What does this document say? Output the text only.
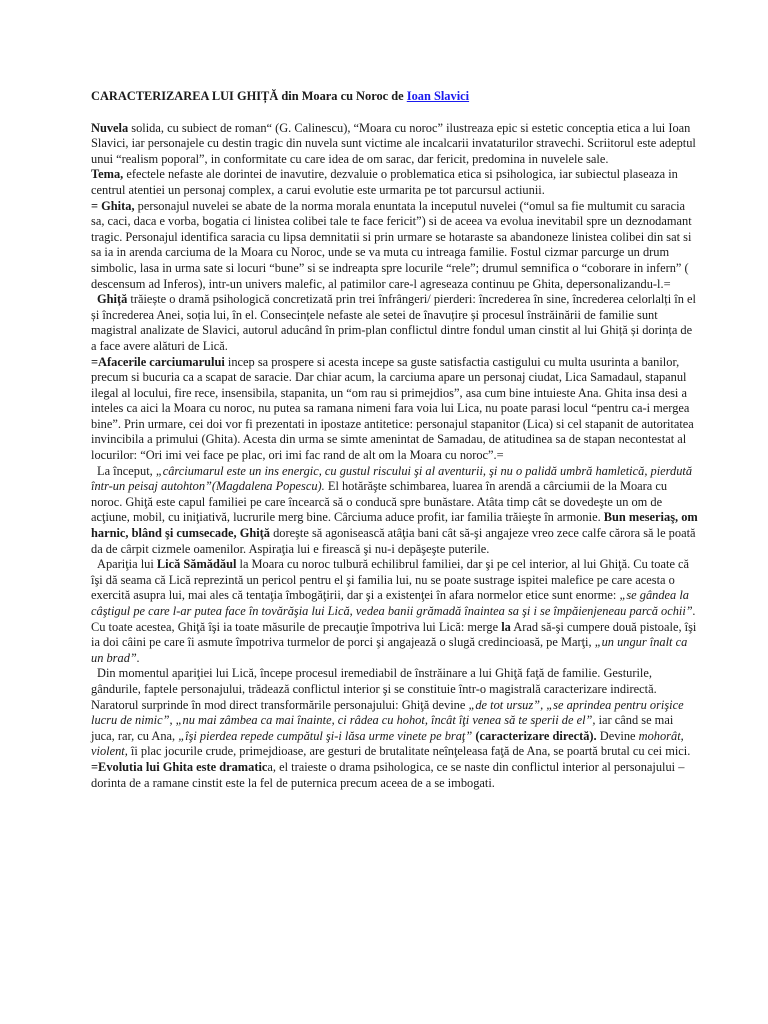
CARACTERIZAREA LUI GHIȚĂ din Moara cu Noroc de Ioan Slavici

Nuvela solida, cu subiect de roman“ (G. Calinescu), “Moara cu noroc” ilustreaza epic si estetic conceptia etica a lui Ioan Slavici, iar personajele cu destin tragic din nuvela sunt victime ale incalcarii invataturilor stravechi. Scriitorul este adeptul unui “realism poporal”, in conformitate cu care idea de om sarac, dar fericit, predomina in nuvelele sale.

Tema, efectele nefaste ale dorintei de inavutire, dezvaluie o problematica etica si psihologica, iar subiectul plaseaza in centrul atentiei un personaj complex, a carui evolutie este urmarita pe tot parcursul actiunii.

= Ghita, personajul nuvelei se abate de la norma morala enuntata la inceputul nuvelei (“omul sa fie multumit cu saracia sa, caci, daca e vorba, bogatia ci linistea colibei tale te face fericit”) si de aceea va evolua inevitabil spre un deznodamant tragic. Personajul identifica saracia cu lipsa demnitatii si prin urmare se hotaraste sa abandoneze linistea colibei din sat si sa ia in arenda carciuma de la Moara cu Noroc, unde se va muta cu intreaga familie. Fostul cizmar parcurge un drum simbolic, lasa in urma sate si locuri “bune” si se indreapta spre locurile “rele”; drumul semnifica o “coborare in infern” ( descensum ad Inferos), intr-un univers malefic, al patimilor care-l agreseaza continuu pe Ghita, depersonalizandu-l.=

Ghiță trăiește o dramă psihologică concretizată prin trei înfrângeri/ pierderi: încrederea în sine, încrederea celorlalți în el și încrederea Anei, soția lui, în el. Consecințele nefaste ale setei de înavuțire și procesul înstrăinării de familie sunt magistral analizate de Slavici, autorul aducând în prim-plan conflictul dintre fondul uman cinstit al lui Ghiță și dorința de a face avere alături de Lică.

=Afacerile carciumarului incep sa prospere si acesta incepe sa guste satisfactia castigului cu multa usurinta a banilor, precum si bucuria ca a scapat de saracie. Dar chiar acum, la carciuma apare un personaj ciudat, Lica Samadaul, stapanul ilegal al locului, fire rece, insensibila, stapanita, un “om rau si primejdios”, asa cum bine intuieste Ana. Ghita insa desi a inteles ca aici la Moara cu noroc, nu putea sa ramana nimeni fara voia lui Lica, nu poate parasi locul “pentru ca-i mergea bine”. Prin urmare, cei doi vor fi prezentati in ipostaze antitetice: personajul stapanitor (Lica) si cel stapanit de autoritatea invincibila a primului (Ghita). Acesta din urma se simte amenintat de Samadau, de atitudinea sa de stapan necontestat al locurilor: “Ori imi vei face pe plac, ori imi fac rand de alt om la Moara cu noroc”.=

La început, „cârciumarul este un ins energic, cu gustul riscului şi al aventurii, şi nu o palidă umbră hamletică, pierdută într-un peisaj autohton”(Magdalena Popescu). El hotărăşte schimbarea, luarea în arendă a cârciumii de la Moara cu noroc. Ghiţă este capul familiei pe care încearcă să o conducă spre bunăstare. Atâta timp cât se dovedeşte un om de acţiune, mobil, cu iniţiativă, lucrurile merg bine. Cârciuma aduce profit, iar familia trăieşte în armonie. Bun meseriaş, om harnic, blând şi cumsecade, Ghiţă doreşte să agonisească atâţia bani cât să-şi angajeze vreo zece calfe cărora să le poată da de cârpit cizmele oamenilor. Aspiraţia lui e firească şi nu-i depăşeşte puterile.

Apariţia lui Lică Sămădăul la Moara cu noroc tulbură echilibrul familiei, dar şi pe cel interior, al lui Ghiţă. Cu toate că îşi dă seama că Lică reprezintă un pericol pentru el şi familia lui, nu se poate sustrage ispitei malefice pe care acesta o exercită asupra lui, mai ales că tentaţia îmbogăţirii, dar şi a existenţei în afara normelor etice sunt enorme: „se gândea la câştigul pe care l-ar putea face în tovărăşia lui Lică, vedea banii grămadă înaintea sa şi i se împăienjeneau parcă ochii”. Cu toate acestea, Ghiţă îşi ia toate măsurile de precauţie împotriva lui Lică: merge la Arad să-şi cumpere două pistoale, îşi ia doi câini pe care îi asmute împotriva turmelor de porci şi angajează o slugă credincioasă, pe Marţi, „un ungur înalt ca un brad”.

Din momentul apariţiei lui Lică, începe procesul iremediabil de înstrăinare a lui Ghiţă faţă de familie. Gesturile, gândurile, faptele personajului, trădează conflictul interior şi se constituie într-o magistrală caracterizare indirectă. Naratorul surprinde în mod direct transformările personajului: Ghiţă devine „de tot ursuz”, „se aprindea pentru orişice lucru de nimic”, „nu mai zâmbea ca mai înainte, ci râdea cu hohot, încât îţi venea să te sperii de el”, iar când se mai juca, rar, cu Ana, „îşi pierdea repede cumpătul şi-i lăsa urme vinete pe braţ” (caracterizare directă). Devine mohorât, violent, îi plac jocurile crude, primejdioase, are gesturi de brutalitate neînţeleasa faţă de Ana, se poartă brutal cu cei mici.

=Evolutia lui Ghita este dramatica, el traieste o drama psihologica, ce se naste din conflictul interior al personajului – dorinta de a ramane cinstit este la fel de puternica precum aceea de a se imbogati.
